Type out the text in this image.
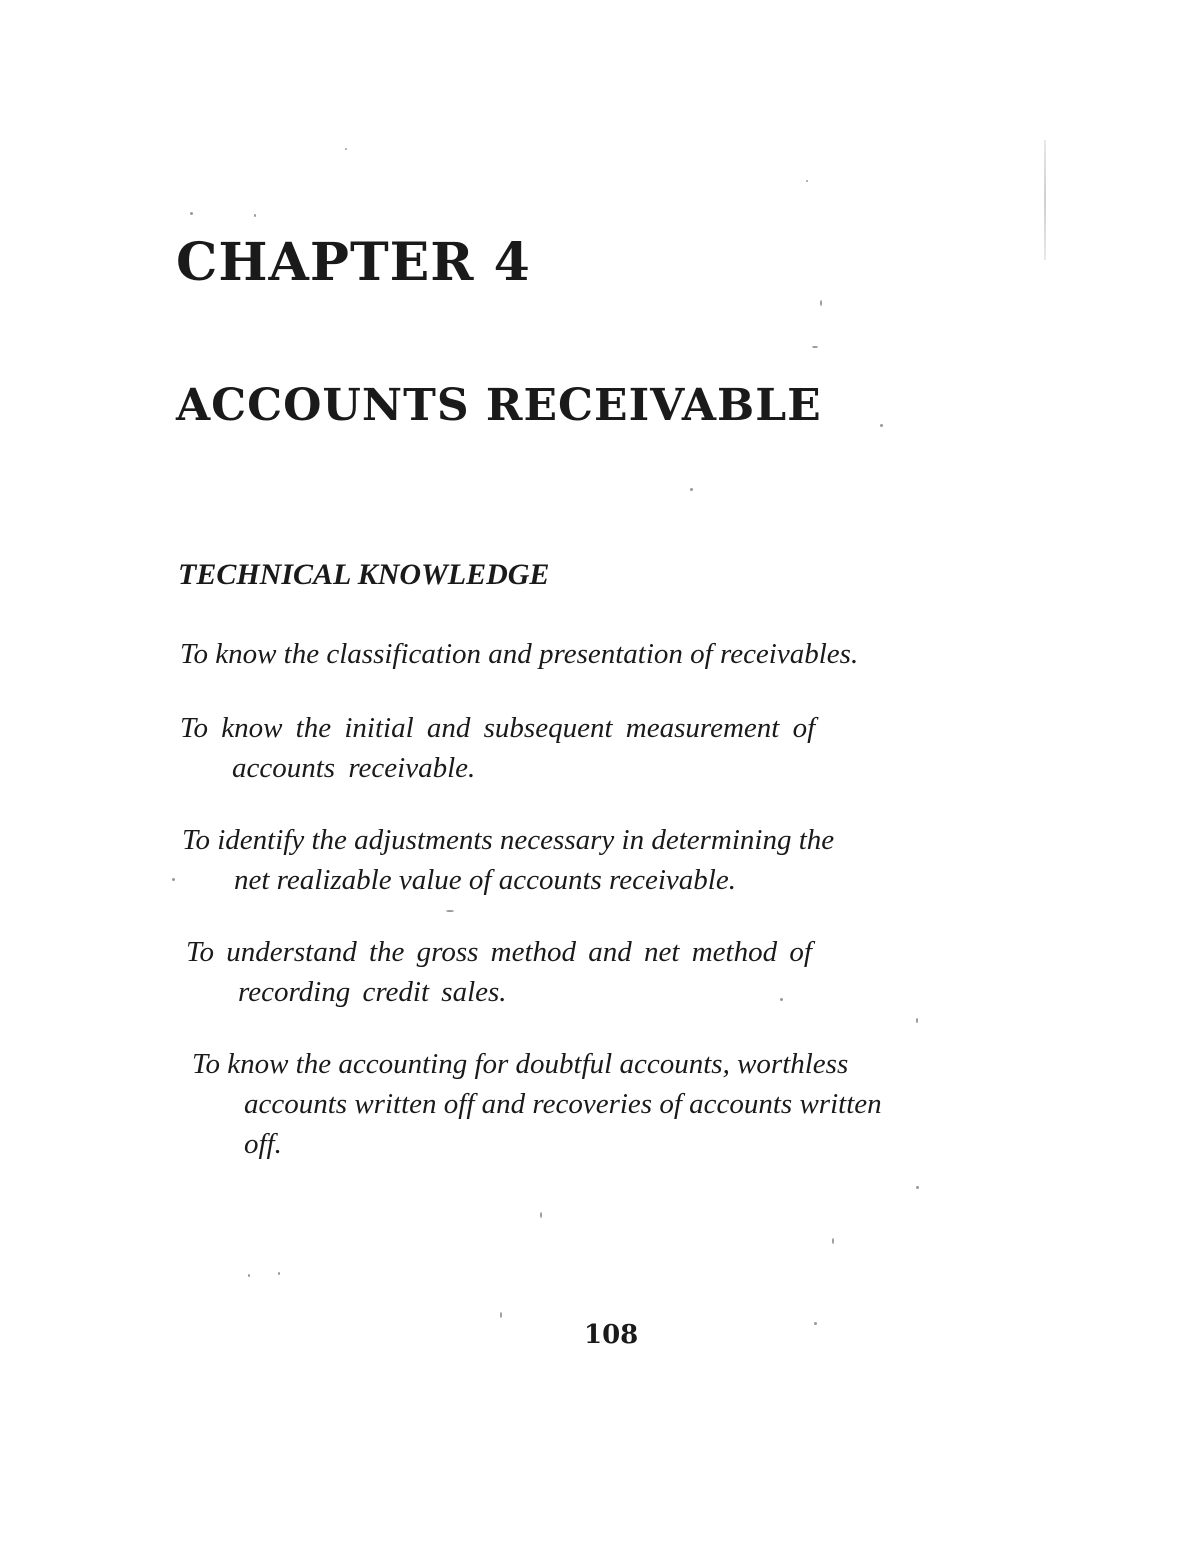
CHAPTER 4
ACCOUNTS RECEIVABLE
TECHNICAL KNOWLEDGE

To know the classification and presentation of receivables.

To know the initial and subsequent measurement of
accounts receivable.

To identify the adjustments necessary in determining the
net realizable value of accounts receivable.

To understand the gross method and net method of
recording credit sales.

To know the accounting for doubtful accounts, worthless
accounts written off and recoveries of accounts written
off.

108
